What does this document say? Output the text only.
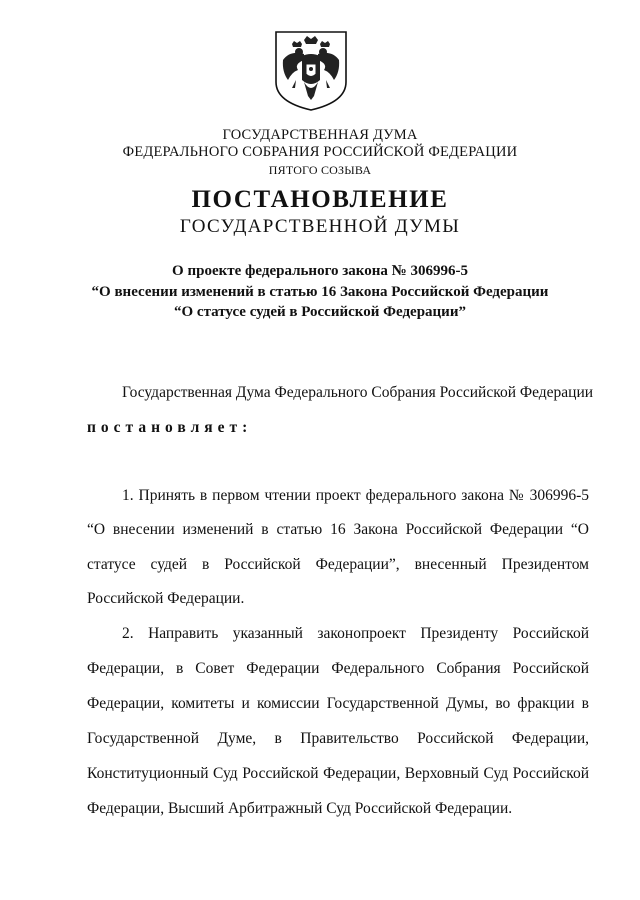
ГОСУДАРСТВЕННАЯ ДУМА
ФЕДЕРАЛЬНОГО СОБРАНИЯ РОССИЙСКОЙ ФЕДЕРАЦИИ
ПЯТОГО СОЗЫВА
ПОСТАНОВЛЕНИЕ
ГОСУДАРСТВЕННОЙ ДУМЫ
О проекте федерального закона № 306996-5
“О внесении изменений в статью 16 Закона Российской Федерации
“О статусе судей в Российской Федерации”
Государственная Дума Федерального Собрания Российской Федерации
постановляет:
1. Принять в первом чтении проект федерального закона № 306996-5
“О внесении изменений в статью 16 Закона Российской Федерации “О
статусе судей в Российской Федерации”, внесенный Президентом
Российской Федерации.
2. Направить указанный законопроект Президенту Российской
Федерации, в Совет Федерации Федерального Собрания Российской
Федерации, комитеты и комиссии Государственной Думы, во фракции в
Государственной Думе, в Правительство Российской Федерации,
Конституционный Суд Российской Федерации, Верховный Суд Российской
Федерации, Высший Арбитражный Суд Российской Федерации.
